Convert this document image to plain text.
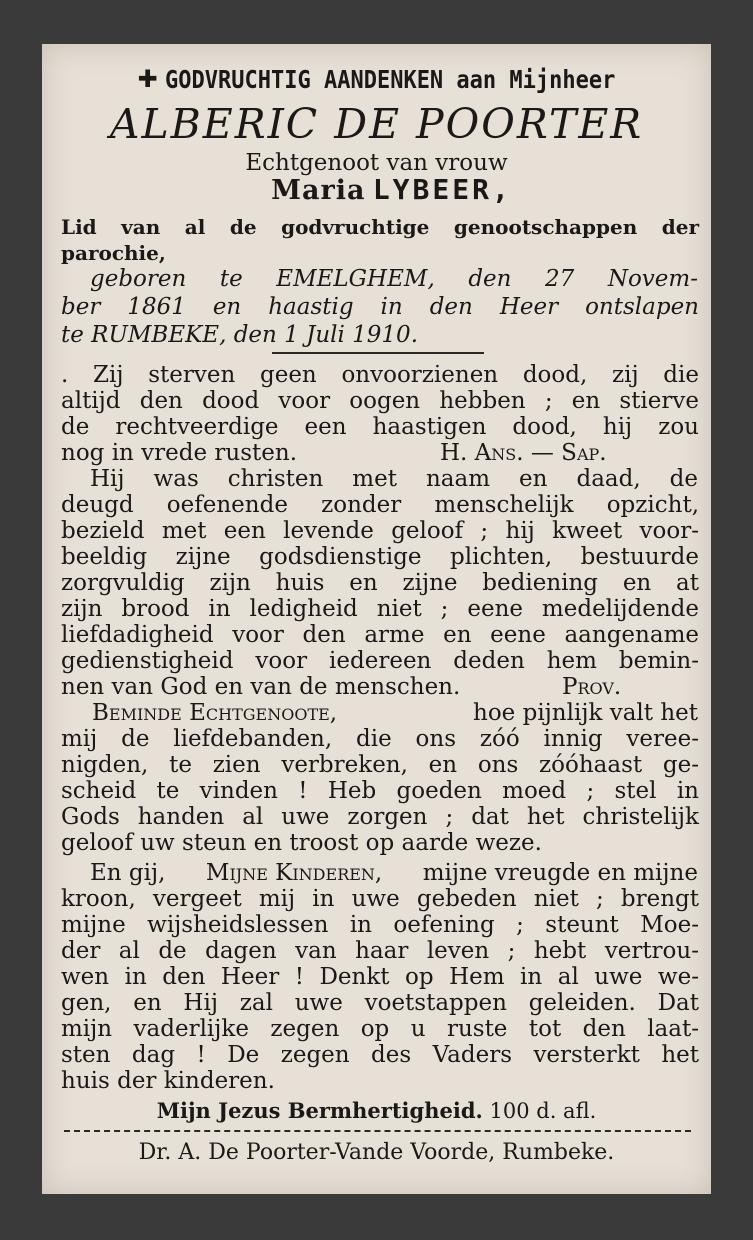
✚ GODVRUCHTIG AANDENKEN aan Mijnheer
ALBERIC DE POORTER
Echtgenoot van vrouw
Maria LYBEER,
Lid van al de godvruchtige genootschappen der
parochie,
geboren te EMELGHEM, den 27 Novem-
ber 1861 en haastig in den Heer ontslapen
te RUMBEKE, den 1 Juli 1910.
. Zij sterven geen onvoorzienen dood, zij die
altijd den dood voor oogen hebben ; en stierve
de rechtveerdige een haastigen dood, hij zou
nog in vrede rusten.	H. Ans. — Sap.
Hij was christen met naam en daad, de
deugd oefenende zonder menschelijk opzicht,
bezield met een levende geloof ; hij kweet voor-
beeldig zijne godsdienstige plichten, bestuurde
zorgvuldig zijn huis en zijne bediening en at
zijn brood in ledigheid niet ; eene medelijdende
liefdadigheid voor den arme en eene aangename
gedienstigheid voor iedereen deden hem bemin-
nen van God en van de menschen.	Prov.
Beminde Echtgenoote,	hoe pijnlijk valt het
mij de liefdebanden, die ons zóó innig veree-
nigden, te zien verbreken, en ons zóóhaast ge-
scheid te vinden ! Heb goeden moed ; stel in
Gods handen al uwe zorgen ; dat het christelijk
geloof uw steun en troost op aarde weze.
En gij, Mijne Kinderen, mijne vreugde en mijne
kroon, vergeet mij in uwe gebeden niet ; brengt
mijne wijsheidslessen in oefening ; steunt Moe-
der al de dagen van haar leven ; hebt vertrou-
wen in den Heer ! Denkt op Hem in al uwe we-
gen, en Hij zal uwe voetstappen geleiden. Dat
mijn vaderlijke zegen op u ruste tot den laat-
sten dag ! De zegen des Vaders versterkt het
huis der kinderen.
Mijn Jezus Bermhertigheid. 100 d. afl.
Dr. A. De Poorter-Vande Voorde, Rumbeke.
